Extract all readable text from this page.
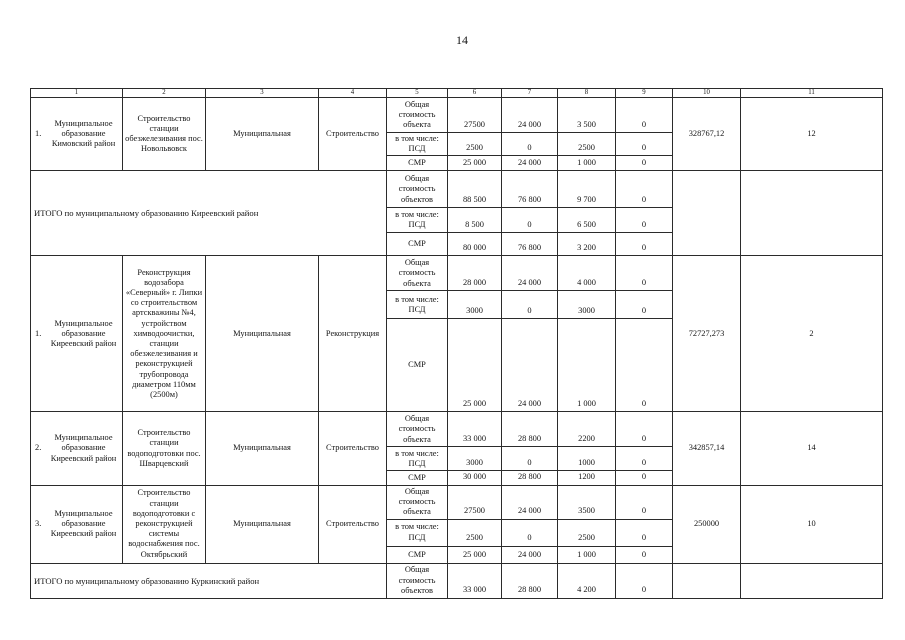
14
1	2	3	4	5	6	7	8	9	10	11

1.
Муниципальное образование Кимовский район	Строительство станции обезжелезивания пос. Новольвовск	Муниципальная	Строительство	Общая стоимость объекта	27500	24 000	3 500	0	328767,12	12
				в том числе: ПСД	2500	0	2500	0		
				СМР	25 000	24 000	1 000	0		
ИТОГО по муниципальному образованию Киреевский район				Общая стоимость объектов	88 500	76 800	9 700	0		
				в том числе: ПСД	8 500	0	6 500	0		
				СМР	80 000	76 800	3 200	0		

1.
Муниципальное образование Киреевский район	Реконструкция водозабора «Северный» г. Липки со строительством артскважины №4, устройством химводоочистки, станции обезжелезивания и реконструкцией трубопровода диаметром 110мм (2500м)	Муниципальная	Реконструкция	Общая стоимость объекта	28 000	24 000	4 000	0	72727,273	2
				в том числе: ПСД	3000	0	3000	0		
				СМР	25 000	24 000	1 000	0		

2.
Муниципальное образование Киреевский район	Строительство станции водоподготовки пос. Шварцевский	Муниципальная	Строительство	Общая стоимость объекта	33 000	28 800	2200	0	342857,14	14
				в том числе: ПСД	3000	0	1000	0		
				СМР	30 000	28 800	1200	0		

3.
Муниципальное образование Киреевский район	Строительство станции водоподготовки с реконструкцией системы водоснабжения пос. Октябрьский	Муниципальная	Строительство	Общая стоимость объекта	27500	24 000	3500	0	250000	10
				в том числе: ПСД	2500	0	2500	0		
				СМР	25 000	24 000	1 000	0		
ИТОГО по муниципальному образованию Куркинский район				Общая стоимость объектов	33 000	28 800	4 200	0		
